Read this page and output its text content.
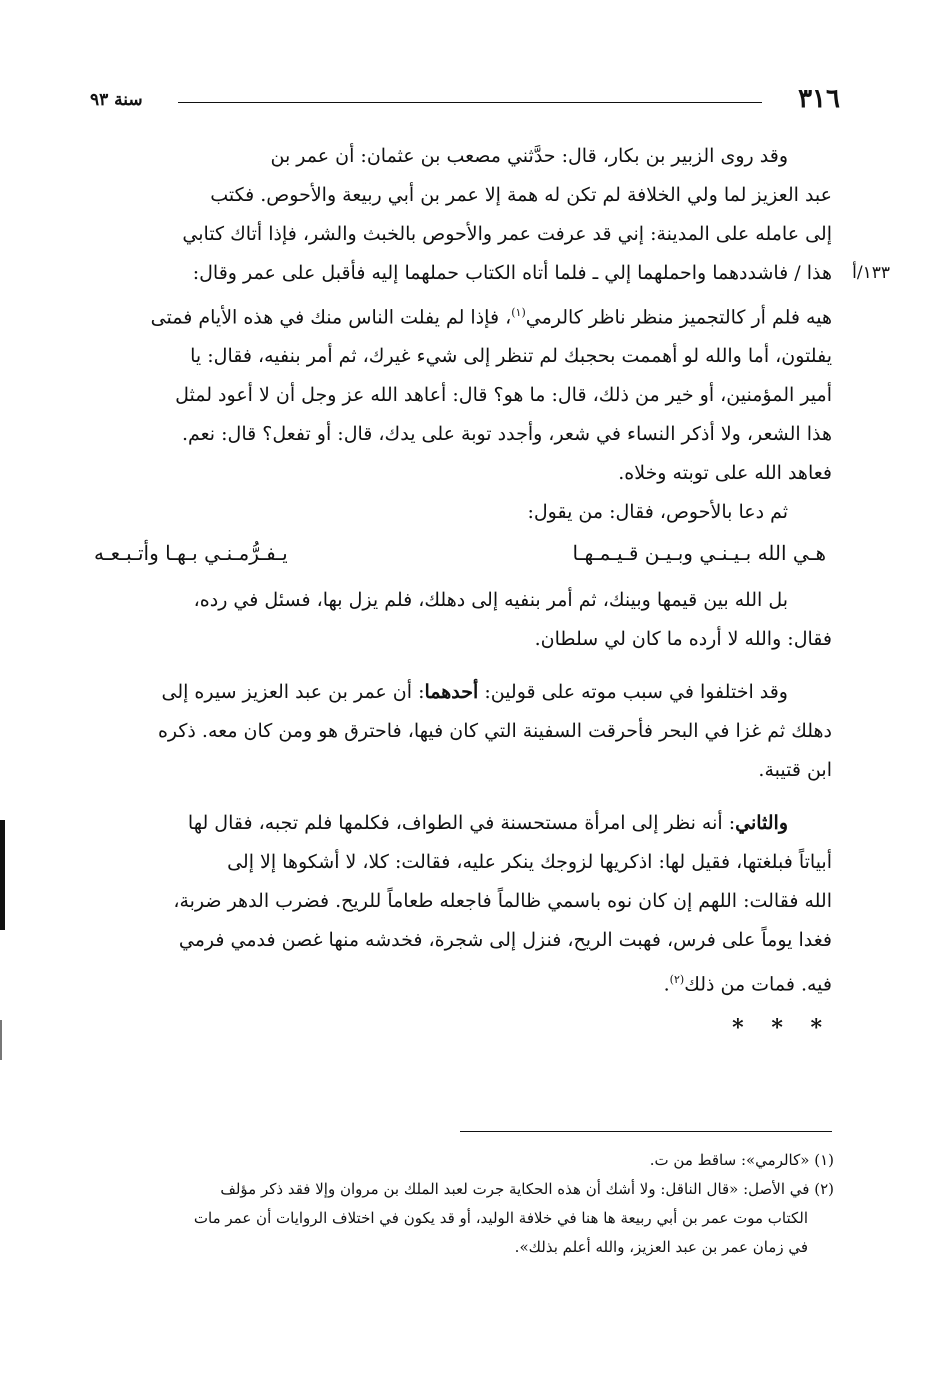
٣١٦
سنة ٩٣

وقد روى الزبير بن بكار، قال: حدَّثني مصعب بن عثمان: أن عمر بن

عبد العزيز لما ولي الخلافة لم تكن له همة إلا عمر بن أبي ربيعة والأحوص. فكتب

إلى عامله على المدينة: إني قد عرفت عمر والأحوص بالخبث والشر، فإذا أتاك كتابي

١٣٣/أ
هذا / فاشددهما واحملهما إلي ـ فلما أتاه الكتاب حملهما إليه فأقبل على عمر وقال:

هيه فلم أر كالتجميز منظر ناظر كالرمي$^{(١)}$، فإذا لم يفلت الناس منك في هذه الأيام فمتى

يفلتون، أما والله لو أهممت بحجبك لم تنظر إلى شيء غيرك، ثم أمر بنفيه، فقال: يا

أمير المؤمنين، أو خير من ذلك، قال: ما هو؟ قال: أعاهد الله عز وجل أن لا أعود لمثل

هذا الشعر، ولا أذكر النساء في شعر، وأجدد توبة على يدك، قال: أو تفعل؟ قال: نعم.

فعاهد الله على توبته وخلاه.

ثم دعا بالأحوص، فقال: من يقول:

هـي الله بـيـنـي وبـيـن قـيـمـهـا
يـفـرُّمـنـي بـهـا وأتـبـعـه

بل الله بين قيمها وبينك، ثم أمر بنفيه إلى دهلك، فلم يزل بها، فسئل في رده،

فقال: والله لا أرده ما كان لي سلطان.

وقد اختلفوا في سبب موته على قولين: أحدهما: أن عمر بن عبد العزيز سيره إلى

دهلك ثم غزا في البحر فأحرقت السفينة التي كان فيها، فاحترق هو ومن كان معه. ذكره

ابن قتيبة.

والثاني: أنه نظر إلى امرأة مستحسنة في الطواف، فكلمها فلم تجبه، فقال لها

أبياتاً فبلغتها، فقيل لها: اذكريها لزوجك ينكر عليه، فقالت: كلا، لا أشكوها إلا إلى

الله فقالت: اللهم إن كان نوه باسمي ظالماً فاجعله طعاماً للريح. فضرب الدهر ضربة،

فغدا يوماً على فرس، فهبت الريح، فنزل إلى شجرة، فخدشه منها غصن فدمي فرمي

فيه. فمات من ذلك$^{(٢)}$.

* * *

(١) «كالرمي»: ساقط من ت.

(٢) في الأصل: «قال الناقل: ولا أشك أن هذه الحكاية جرت لعبد الملك بن مروان وإلا فقد ذكر مؤلف

الكتاب موت عمر بن أبي ربيعة ها هنا في خلافة الوليد، أو قد يكون في اختلاف الروايات أن عمر مات

في زمان عمر بن عبد العزيز، والله أعلم بذلك».
